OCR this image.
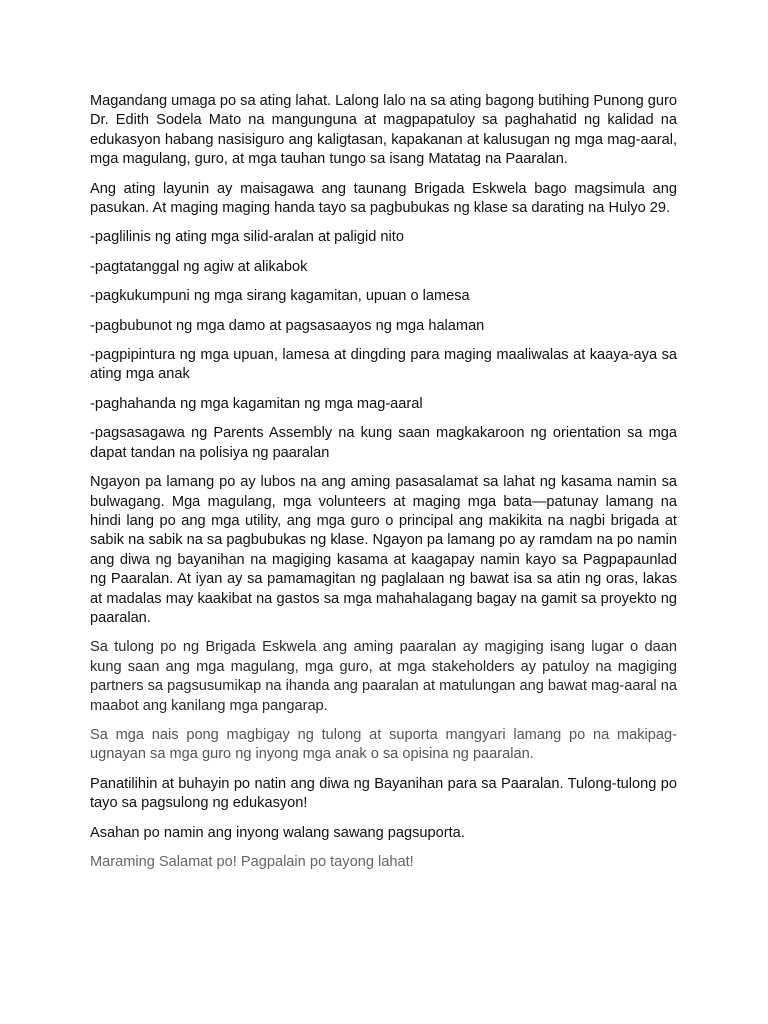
Magandang umaga po sa ating lahat. Lalong lalo na sa ating bagong butihing Punong guro Dr. Edith Sodela Mato na mangunguna at magpapatuloy sa paghahatid ng kalidad na edukasyon habang nasisiguro ang kaligtasan, kapakanan at kalusugan ng mga mag-aaral, mga magulang, guro, at mga tauhan tungo sa isang Matatag na Paaralan.

Ang ating layunin ay maisagawa ang taunang Brigada Eskwela bago magsimula ang pasukan. At maging maging handa tayo sa pagbubukas ng klase sa darating na Hulyo 29.

-paglilinis ng ating mga silid-aralan at paligid nito

-pagtatanggal ng agiw at alikabok

-pagkukumpuni ng mga sirang kagamitan, upuan o lamesa

-pagbubunot ng mga damo at pagsasaayos ng mga halaman

-pagpipintura ng mga upuan, lamesa at dingding para maging maaliwalas at kaaya-aya sa ating mga anak

-paghahanda ng mga kagamitan ng mga mag-aaral

-pagsasagawa ng Parents Assembly na kung saan magkakaroon ng orientation sa mga dapat tandan na polisiya ng paaralan

Ngayon pa lamang po ay lubos na ang aming pasasalamat sa lahat ng kasama namin sa bulwagang. Mga magulang, mga volunteers at maging mga bata—patunay lamang na hindi lang po ang mga utility, ang mga guro o principal ang makikita na nagbi brigada at sabik na sabik na sa pagbubukas ng klase. Ngayon pa lamang po ay ramdam na po namin ang diwa ng bayanihan na magiging kasama at kaagapay namin kayo sa Pagpapaunlad ng Paaralan. At iyan ay sa pamamagitan ng paglalaan ng bawat isa sa atin ng oras, lakas at madalas may kaakibat na gastos sa mga mahahalagang bagay na gamit sa proyekto ng paaralan.

Sa tulong po ng Brigada Eskwela ang aming paaralan ay magiging isang lugar o daan kung saan ang mga magulang, mga guro, at mga stakeholders ay patuloy na magiging partners sa pagsusumikap na ihanda ang paaralan at matulungan ang bawat mag-aaral na maabot ang kanilang mga pangarap.

Sa mga nais pong magbigay ng tulong at suporta mangyari lamang po na makipag-ugnayan sa mga guro ng inyong mga anak o sa opisina ng paaralan.

Panatilihin at buhayin po natin ang diwa ng Bayanihan para sa Paaralan. Tulong-tulong po tayo sa pagsulong ng edukasyon!

Asahan po namin ang inyong walang sawang pagsuporta.

Maraming Salamat po! Pagpalain po tayong lahat!
